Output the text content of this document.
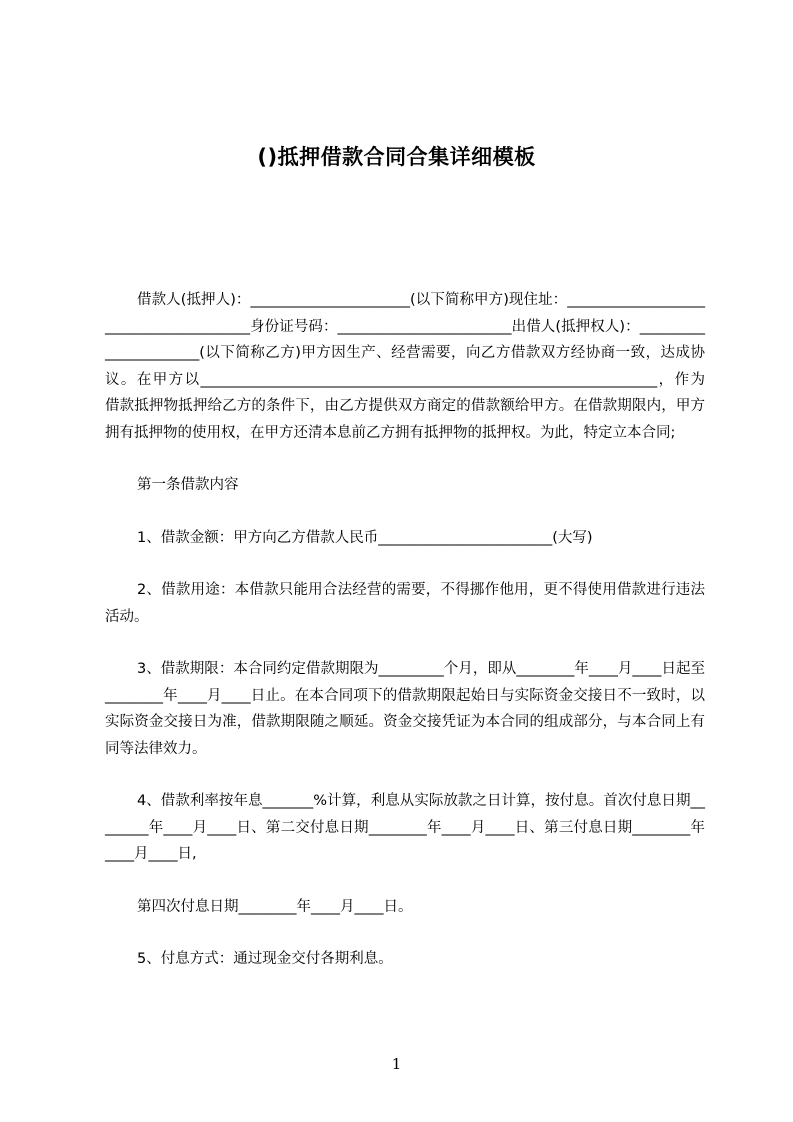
()抵押借款合同合集详细模板

借款人(抵押人)：______________________(以下简称甲方)现住址：_______________________________________身份证号码：________________________出借人(抵押权人)：______________________(以下简称乙方)甲方因生产、经营需要，向乙方借款双方经协商一致，达成协议。在甲方以_______________________________________________________________，作为借款抵押物抵押给乙方的条件下，由乙方提供双方商定的借款额给甲方。在借款期限内，甲方拥有抵押物的使用权，在甲方还清本息前乙方拥有抵押物的抵押权。为此，特定立本合同;

第一条借款内容

1、借款金额：甲方向乙方借款人民币________________________(大写)

2、借款用途：本借款只能用合法经营的需要，不得挪作他用，更不得使用借款进行违法活动。

3、借款期限：本合同约定借款期限为_________个月，即从________年____月____日起至________年____月____日止。在本合同项下的借款期限起始日与实际资金交接日不一致时，以实际资金交接日为准，借款期限随之顺延。资金交接凭证为本合同的组成部分，与本合同上有同等法律效力。

4、借款利率按年息_______%计算，利息从实际放款之日计算，按付息。首次付息日期________年____月____日、第二交付息日期________年____月____日、第三付息日期________年____月____日,

第四次付息日期________年____月____日。

5、付息方式：通过现金交付各期利息。

1
